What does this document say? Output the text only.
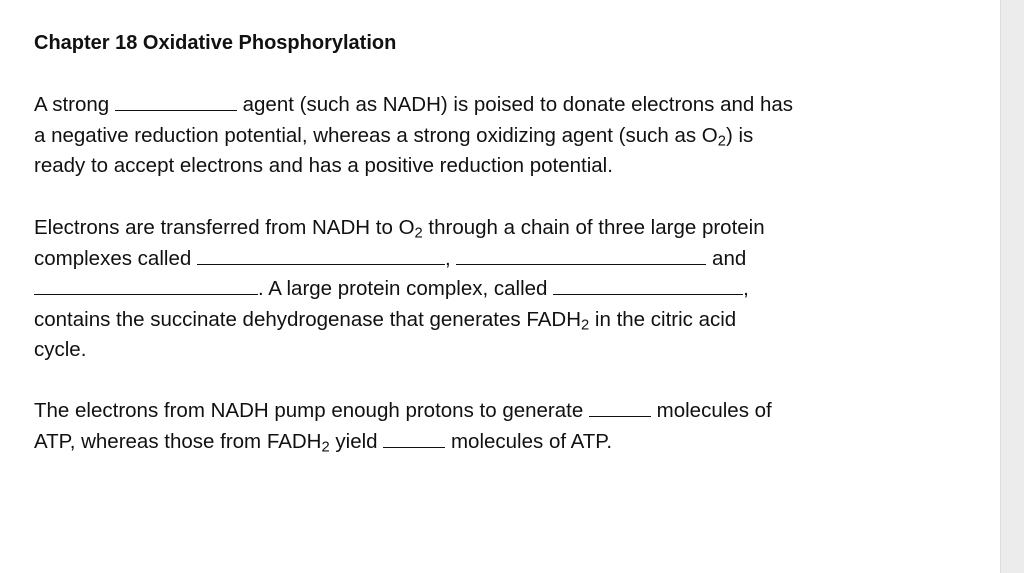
Chapter 18 Oxidative Phosphorylation

A strong	agent (such as NADH) is poised to donate electrons and has

a negative reduction potential, whereas a strong oxidizing agent (such as $O_2$) is

ready to accept electrons and has a positive reduction potential.

Electrons are transferred from NADH to $O_2$ through a chain of three large protein

complexes called	,	and

. A large protein complex, called	,

contains the succinate dehydrogenase that generates $FADH_2$ in the citric acid

cycle.

The electrons from NADH pump enough protons to generate	molecules of

ATP, whereas those from $FADH_2$ yield	molecules of ATP.
